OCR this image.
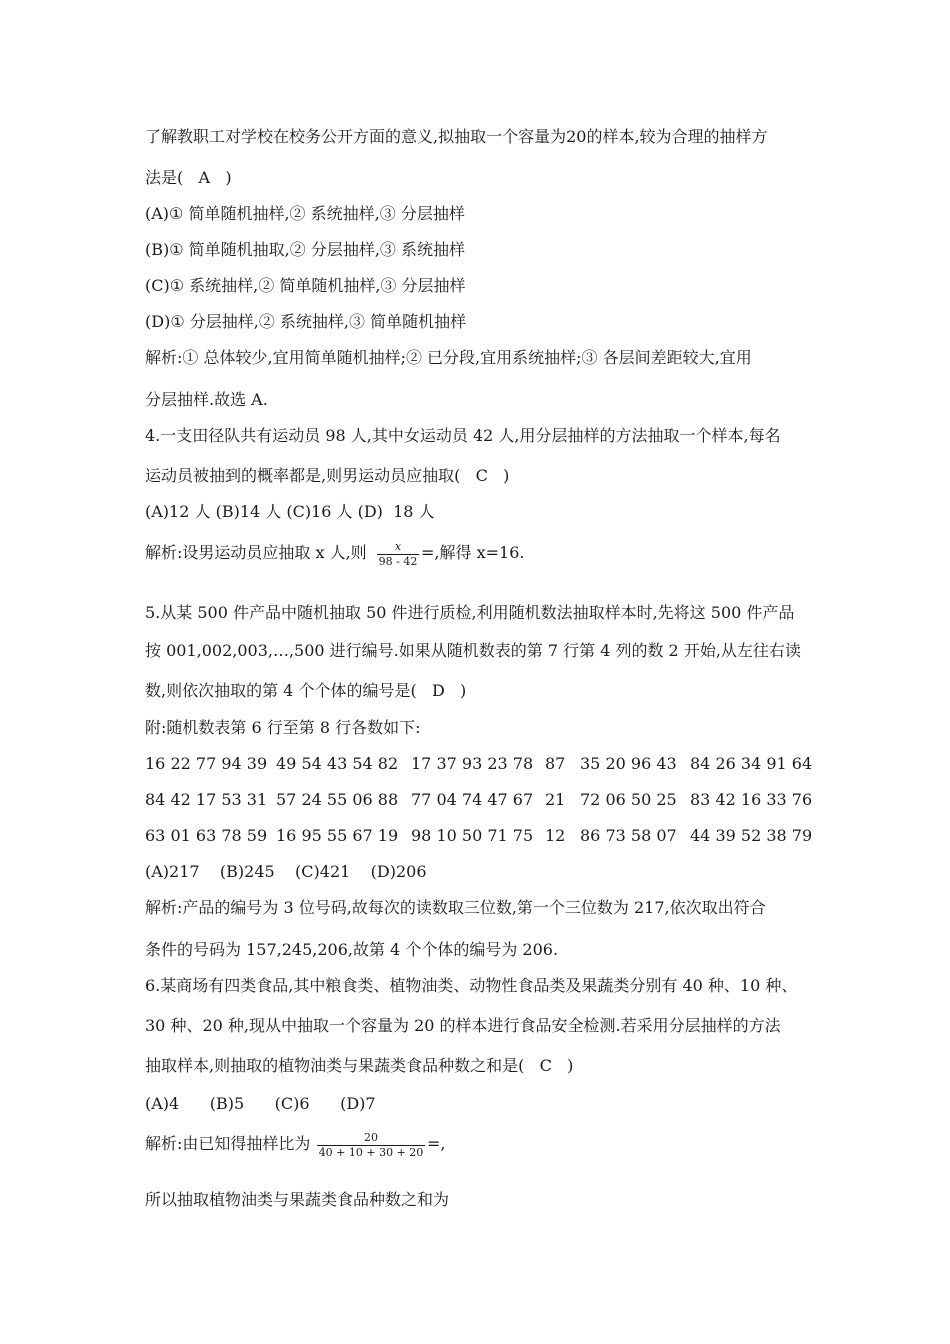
了解教职工对学校在校务公开方面的意义,拟抽取一个容量为20的样本,较为合理的抽样方
法是(   A   )
(A)① 简单随机抽样,② 系统抽样,③ 分层抽样
(B)① 简单随机抽取,② 分层抽样,③ 系统抽样
(C)① 系统抽样,② 简单随机抽样,③ 分层抽样
(D)① 分层抽样,② 系统抽样,③ 简单随机抽样
解析:① 总体较少,宜用简单随机抽样;② 已分段,宜用系统抽样;③ 各层间差距较大,宜用
分层抽样.故选 A.
4.一支田径队共有运动员 98 人,其中女运动员 42 人,用分层抽样的方法抽取一个样本,每名
运动员被抽到的概率都是,则男运动员应抽取(   C   )
(A)12 人 (B)14 人 (C)16 人 (D)  18 人
解析:设男运动员应抽取 x 人,则 $\frac{x}{98 - 42}$ =,解得 x=16.
5.从某 500 件产品中随机抽取 50 件进行质检,利用随机数法抽取样本时,先将这 500 件产品
按 001,002,003,…,500 进行编号.如果从随机数表的第 7 行第 4 列的数 2 开始,从左往右读
数,则依次抽取的第 4 个个体的编号是(   D   )
附:随机数表第 6 行至第 8 行各数如下:
16 22 77 94 39 49 54 43 54 82 17 37 93 23 78 87 35 20 96 43 84 26 34 91 64
84 42 17 53 31 57 24 55 06 88 77 04 74 47 67 21 72 06 50 25 83 42 16 33 76
63 01 63 78 59 16 95 55 67 19 98 10 50 71 75 12 86 73 58 07 44 39 52 38 79
(A)217    (B)245    (C)421    (D)206
解析:产品的编号为 3 位号码,故每次的读数取三位数,第一个三位数为 217,依次取出符合
条件的号码为 157,245,206,故第 4 个个体的编号为 206.
6.某商场有四类食品,其中粮食类、植物油类、动物性食品类及果蔬类分别有 40 种、10 种、
30 种、20 种,现从中抽取一个容量为 20 的样本进行食品安全检测.若采用分层抽样的方法
抽取样本,则抽取的植物油类与果蔬类食品种数之和是(   C   )
(A)4      (B)5      (C)6      (D)7
解析:由已知得抽样比为 $\frac{20}{40 + 10 + 30 + 20}$ =,
所以抽取植物油类与果蔬类食品种数之和为
